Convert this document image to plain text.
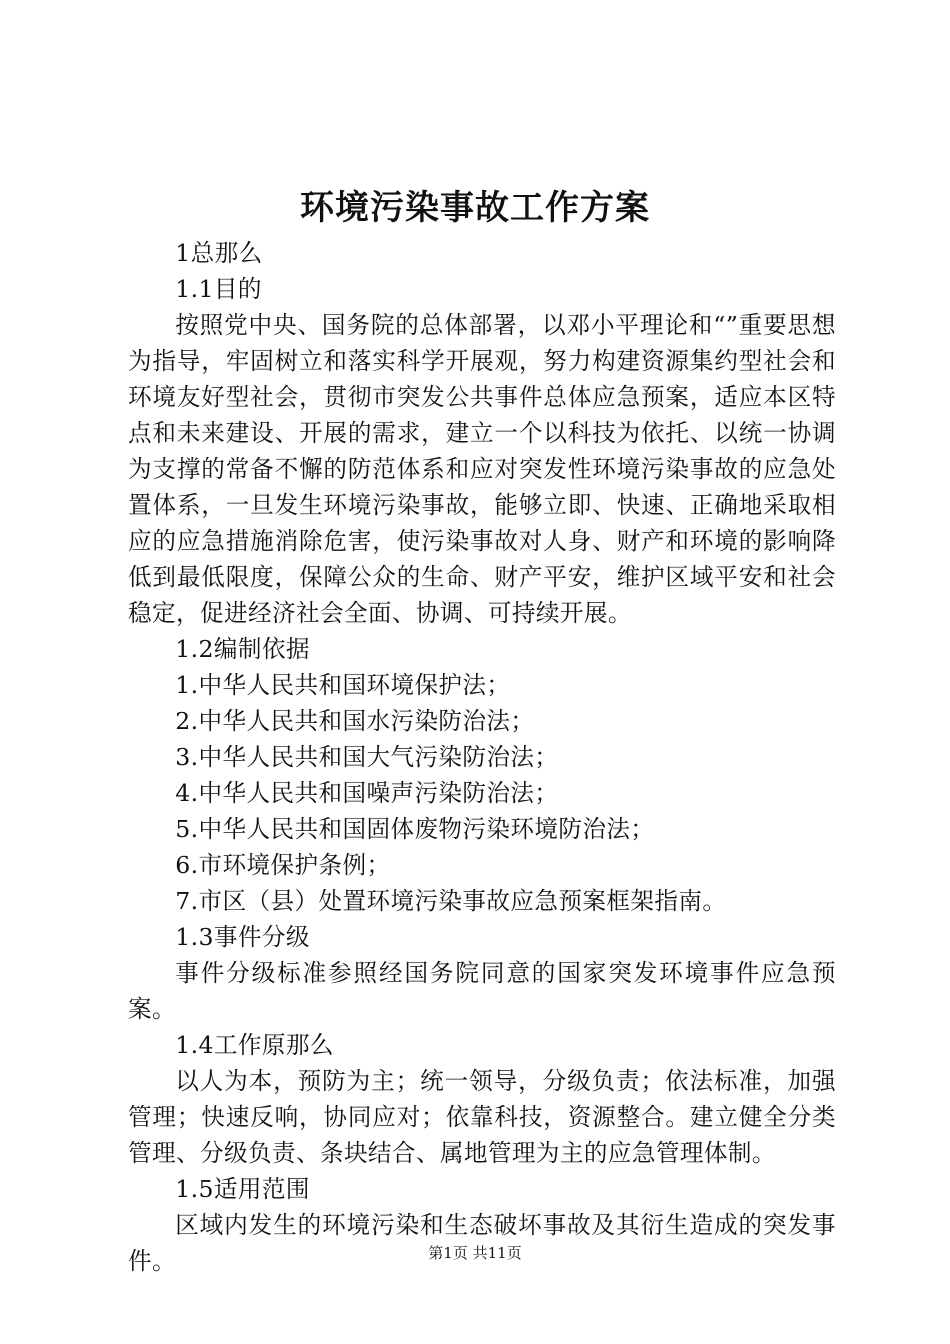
环境污染事故工作方案

1总那么

1.1目的

按照党中央、国务院的总体部署，以邓小平理论和“”重要思想为指导，牢固树立和落实科学开展观，努力构建资源集约型社会和环境友好型社会，贯彻市突发公共事件总体应急预案，适应本区特点和未来建设、开展的需求，建立一个以科技为依托、以统一协调为支撑的常备不懈的防范体系和应对突发性环境污染事故的应急处置体系，一旦发生环境污染事故，能够立即、快速、正确地采取相应的应急措施消除危害，使污染事故对人身、财产和环境的影响降低到最低限度，保障公众的生命、财产平安，维护区域平安和社会稳定，促进经济社会全面、协调、可持续开展。

1.2编制依据

1.中华人民共和国环境保护法；

2.中华人民共和国水污染防治法；

3.中华人民共和国大气污染防治法；

4.中华人民共和国噪声污染防治法；

5.中华人民共和国固体废物污染环境防治法；

6.市环境保护条例；

7.市区（县）处置环境污染事故应急预案框架指南。

1.3事件分级

事件分级标准参照经国务院同意的国家突发环境事件应急预案。

1.4工作原那么

以人为本，预防为主；统一领导，分级负责；依法标准，加强管理；快速反响，协同应对；依靠科技，资源整合。建立健全分类管理、分级负责、条块结合、属地管理为主的应急管理体制。

1.5适用范围

区域内发生的环境污染和生态破坏事故及其衍生造成的突发事件。	第1页 共11页
